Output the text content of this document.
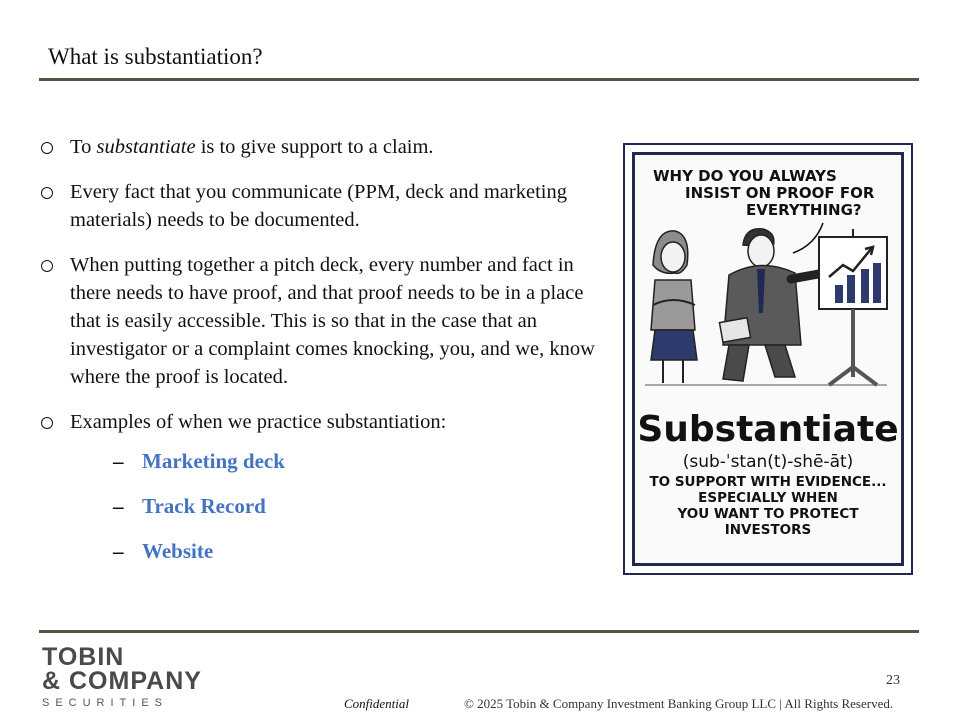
What is substantiation?
To substantiate is to give support to a claim.
Every fact that you communicate (PPM, deck and marketing materials) needs to be documented.
When putting together a pitch deck, every number and fact in there needs to have proof, and that proof needs to be in a place that is easily accessible. This is so that in the case that an investigator or a complaint comes knocking, you, and we, know where the proof is located.
Examples of when we practice substantiation:
– Marketing deck
– Track Record
– Website
WHY DO YOU ALWAYS
INSIST ON PROOF FOR
EVERYTHING?
Substantiate
(sub-ˈstan(t)-shē-āt)
TO SUPPORT WITH EVIDENCE...
ESPECIALLY WHEN
YOU WANT TO PROTECT
INVESTORS
TOBIN
& COMPANY
SECURITIES
23
Confidential	© 2025 Tobin & Company Investment Banking Group LLC | All Rights Reserved.
